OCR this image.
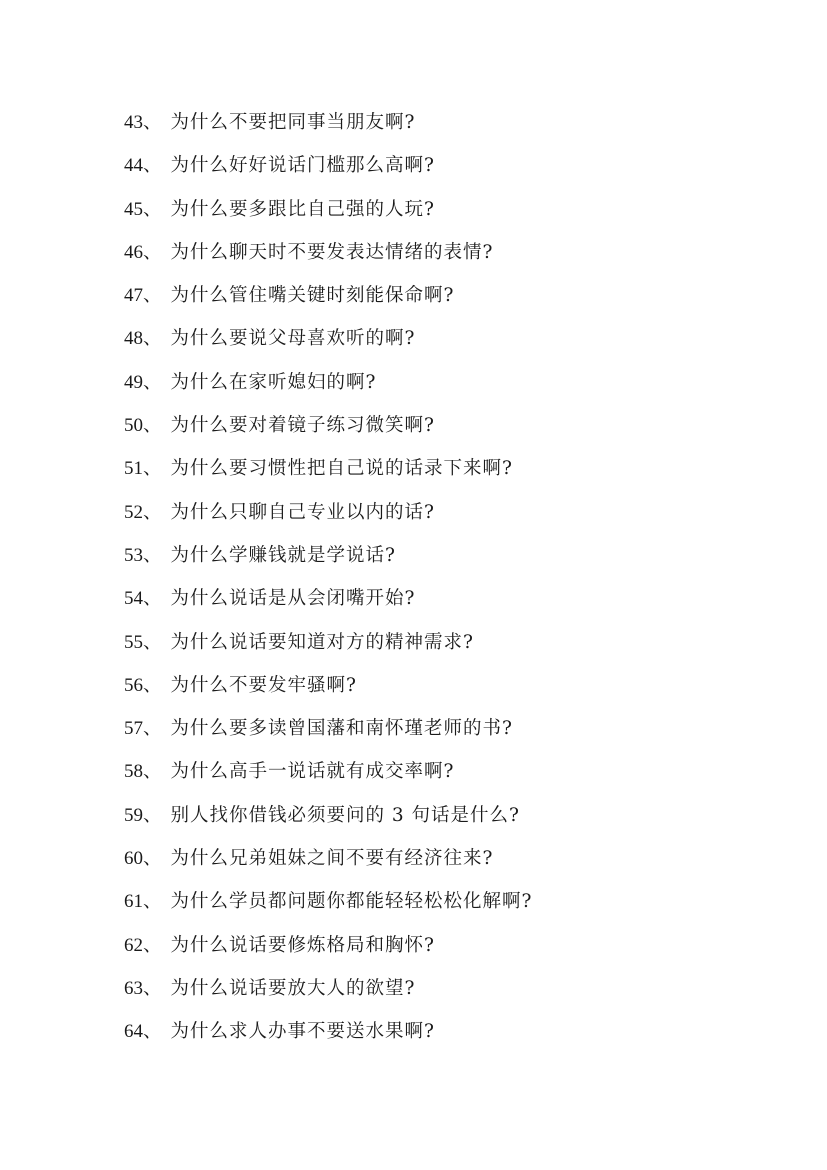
43、 为什么不要把同事当朋友啊?
44、 为什么好好说话门槛那么高啊?
45、 为什么要多跟比自己强的人玩?
46、 为什么聊天时不要发表达情绪的表情?
47、 为什么管住嘴关键时刻能保命啊?
48、 为什么要说父母喜欢听的啊?
49、 为什么在家听媳妇的啊?
50、 为什么要对着镜子练习微笑啊?
51、 为什么要习惯性把自己说的话录下来啊?
52、 为什么只聊自己专业以内的话?
53、 为什么学赚钱就是学说话?
54、 为什么说话是从会闭嘴开始?
55、 为什么说话要知道对方的精神需求?
56、 为什么不要发牢骚啊?
57、 为什么要多读曾国藩和南怀瑾老师的书?
58、 为什么高手一说话就有成交率啊?
59、 别人找你借钱必须要问的 3 句话是什么?
60、 为什么兄弟姐妹之间不要有经济往来?
61、 为什么学员都问题你都能轻轻松松化解啊?
62、 为什么说话要修炼格局和胸怀?
63、 为什么说话要放大人的欲望?
64、 为什么求人办事不要送水果啊?
